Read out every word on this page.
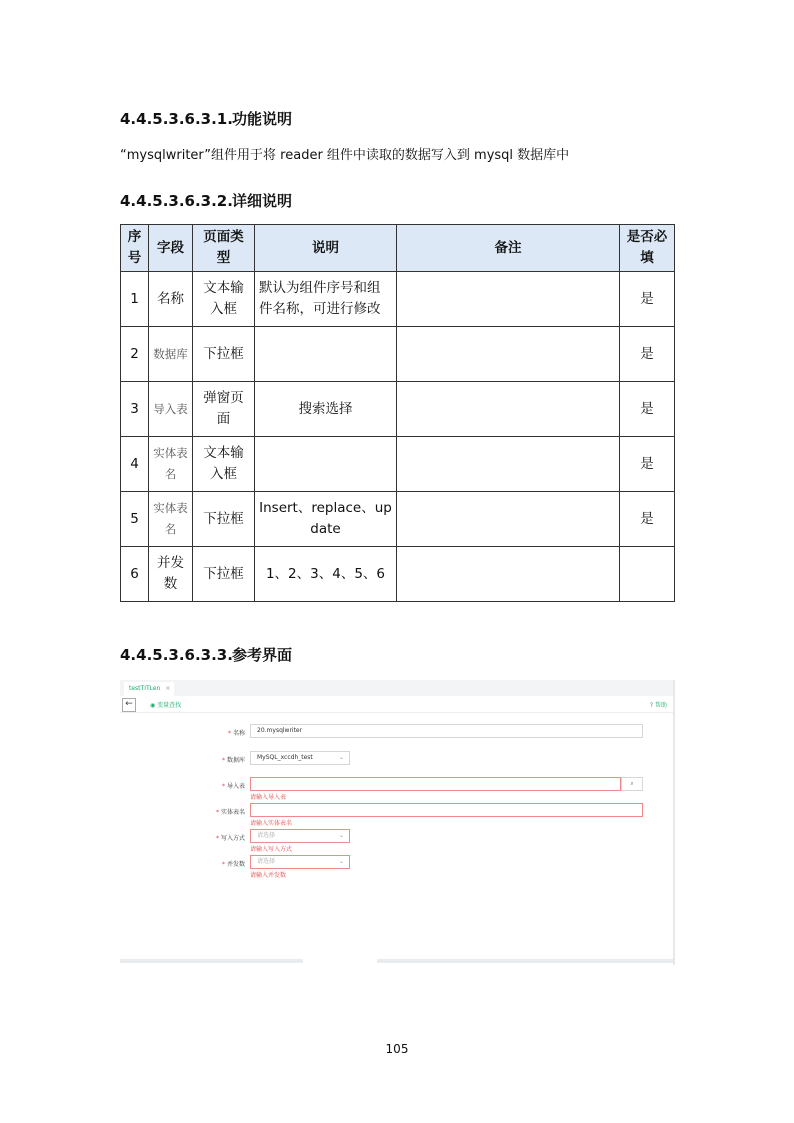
4.4.5.3.6.3.1.功能说明

“mysqlwriter”组件用于将 reader 组件中读取的数据写入到 mysql 数据库中

4.4.5.3.6.3.2.详细说明
序号	字段	页面类型	说明	备注	是否必填
1	名称	文本输入框	默认为组件序号和组件名称，可进行修改		是
2	数据库	下拉框			是
3	导入表	弹窗页面	搜索选择		是
4	实体表名	文本输入框			是
5	实体表名	下拉框	Insert、replace、update		是
6	并发数	下拉框	1、2、3、4、5、6		
4.4.5.3.6.3.3.参考界面
testTITLen ×
←	◉ 变量查找	? 帮助
* 名称	20.mysqlwriter
* 数据库	MySQL_xccdh_test	⌄
* 导入表	⌕
请输入导入表
* 实体表名
请输入实体表名
* 写入方式	请选择	⌄
请输入写入方式
* 并发数	请选择	⌄
请输入并发数
105
